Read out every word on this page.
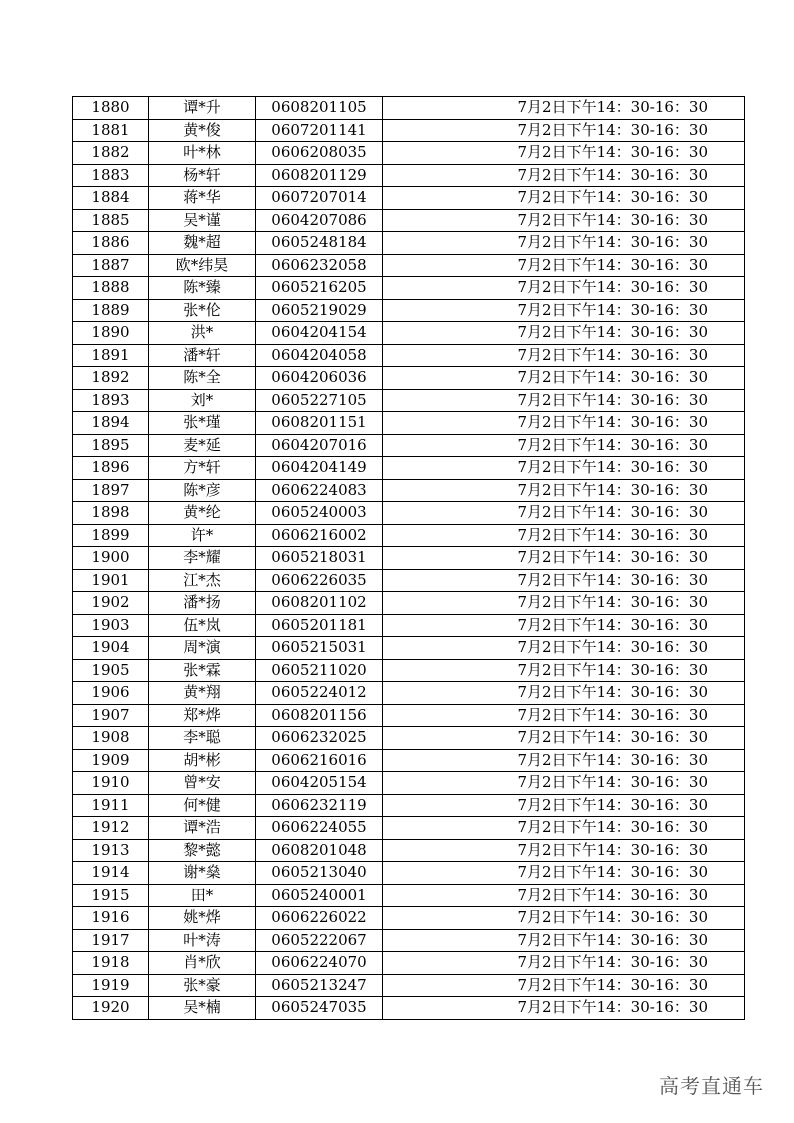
1880	谭*升	0608201105	7月2日下午14：30-16：30
1881	黄*俊	0607201141	7月2日下午14：30-16：30
1882	叶*林	0606208035	7月2日下午14：30-16：30
1883	杨*轩	0608201129	7月2日下午14：30-16：30
1884	蒋*华	0607207014	7月2日下午14：30-16：30
1885	吴*谨	0604207086	7月2日下午14：30-16：30
1886	魏*超	0605248184	7月2日下午14：30-16：30
1887	欧*纬昊	0606232058	7月2日下午14：30-16：30
1888	陈*臻	0605216205	7月2日下午14：30-16：30
1889	张*伦	0605219029	7月2日下午14：30-16：30
1890	洪*	0604204154	7月2日下午14：30-16：30
1891	潘*轩	0604204058	7月2日下午14：30-16：30
1892	陈*全	0604206036	7月2日下午14：30-16：30
1893	刘*	0605227105	7月2日下午14：30-16：30
1894	张*瑾	0608201151	7月2日下午14：30-16：30
1895	麦*延	0604207016	7月2日下午14：30-16：30
1896	方*轩	0604204149	7月2日下午14：30-16：30
1897	陈*彦	0606224083	7月2日下午14：30-16：30
1898	黄*纶	0605240003	7月2日下午14：30-16：30
1899	许*	0606216002	7月2日下午14：30-16：30
1900	李*耀	0605218031	7月2日下午14：30-16：30
1901	江*杰	0606226035	7月2日下午14：30-16：30
1902	潘*扬	0608201102	7月2日下午14：30-16：30
1903	伍*岚	0605201181	7月2日下午14：30-16：30
1904	周*演	0605215031	7月2日下午14：30-16：30
1905	张*霖	0605211020	7月2日下午14：30-16：30
1906	黄*翔	0605224012	7月2日下午14：30-16：30
1907	郑*烨	0608201156	7月2日下午14：30-16：30
1908	李*聪	0606232025	7月2日下午14：30-16：30
1909	胡*彬	0606216016	7月2日下午14：30-16：30
1910	曾*安	0604205154	7月2日下午14：30-16：30
1911	何*健	0606232119	7月2日下午14：30-16：30
1912	谭*浩	0606224055	7月2日下午14：30-16：30
1913	黎*懿	0608201048	7月2日下午14：30-16：30
1914	谢*燊	0605213040	7月2日下午14：30-16：30
1915	田*	0605240001	7月2日下午14：30-16：30
1916	姚*烨	0606226022	7月2日下午14：30-16：30
1917	叶*涛	0605222067	7月2日下午14：30-16：30
1918	肖*欣	0606224070	7月2日下午14：30-16：30
1919	张*豪	0605213247	7月2日下午14：30-16：30
1920	吴*楠	0605247035	7月2日下午14：30-16：30
高考直通车
